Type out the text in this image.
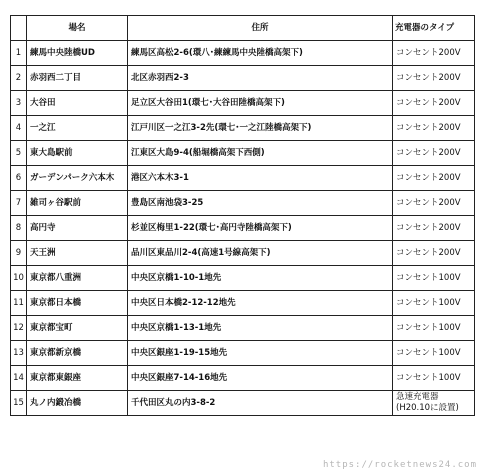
	場名	住所	充電器のタイプ
1	練馬中央陸橋UD	練馬区高松2-6(環八･練練馬中央陸橋高架下)	コンセント200V
2	赤羽西二丁目	北区赤羽西2-3	コンセント200V
3	大谷田	足立区大谷田1(環七･大谷田陸橋高架下)	コンセント200V
4	一之江	江戸川区一之江3-2先(環七･一之江陸橋高架下)	コンセント200V
5	東大島駅前	江東区大島9-4(船堀橋高架下西側)	コンセント200V
6	ガーデンパーク六本木	港区六本木3-1	コンセント200V
7	雑司ヶ谷駅前	豊島区南池袋3-25	コンセント200V
8	高円寺	杉並区梅里1-22(環七･高円寺陸橋高架下)	コンセント200V
9	天王洲	品川区東品川2-4(高速1号線高架下)	コンセント200V
10	東京都八重洲	中央区京橋1-10-1地先	コンセント100V
11	東京都日本橋	中央区日本橋2-12-12地先	コンセント100V
12	東京都宝町	中央区京橋1-13-1地先	コンセント100V
13	東京都新京橋	中央区銀座1-19-15地先	コンセント100V
14	東京都東銀座	中央区銀座7-14-16地先	コンセント100V
15	丸ノ内鍛冶橋	千代田区丸の内3-8-2	急速充電器
(H20.10に設置)
https://rocketnews24.com
